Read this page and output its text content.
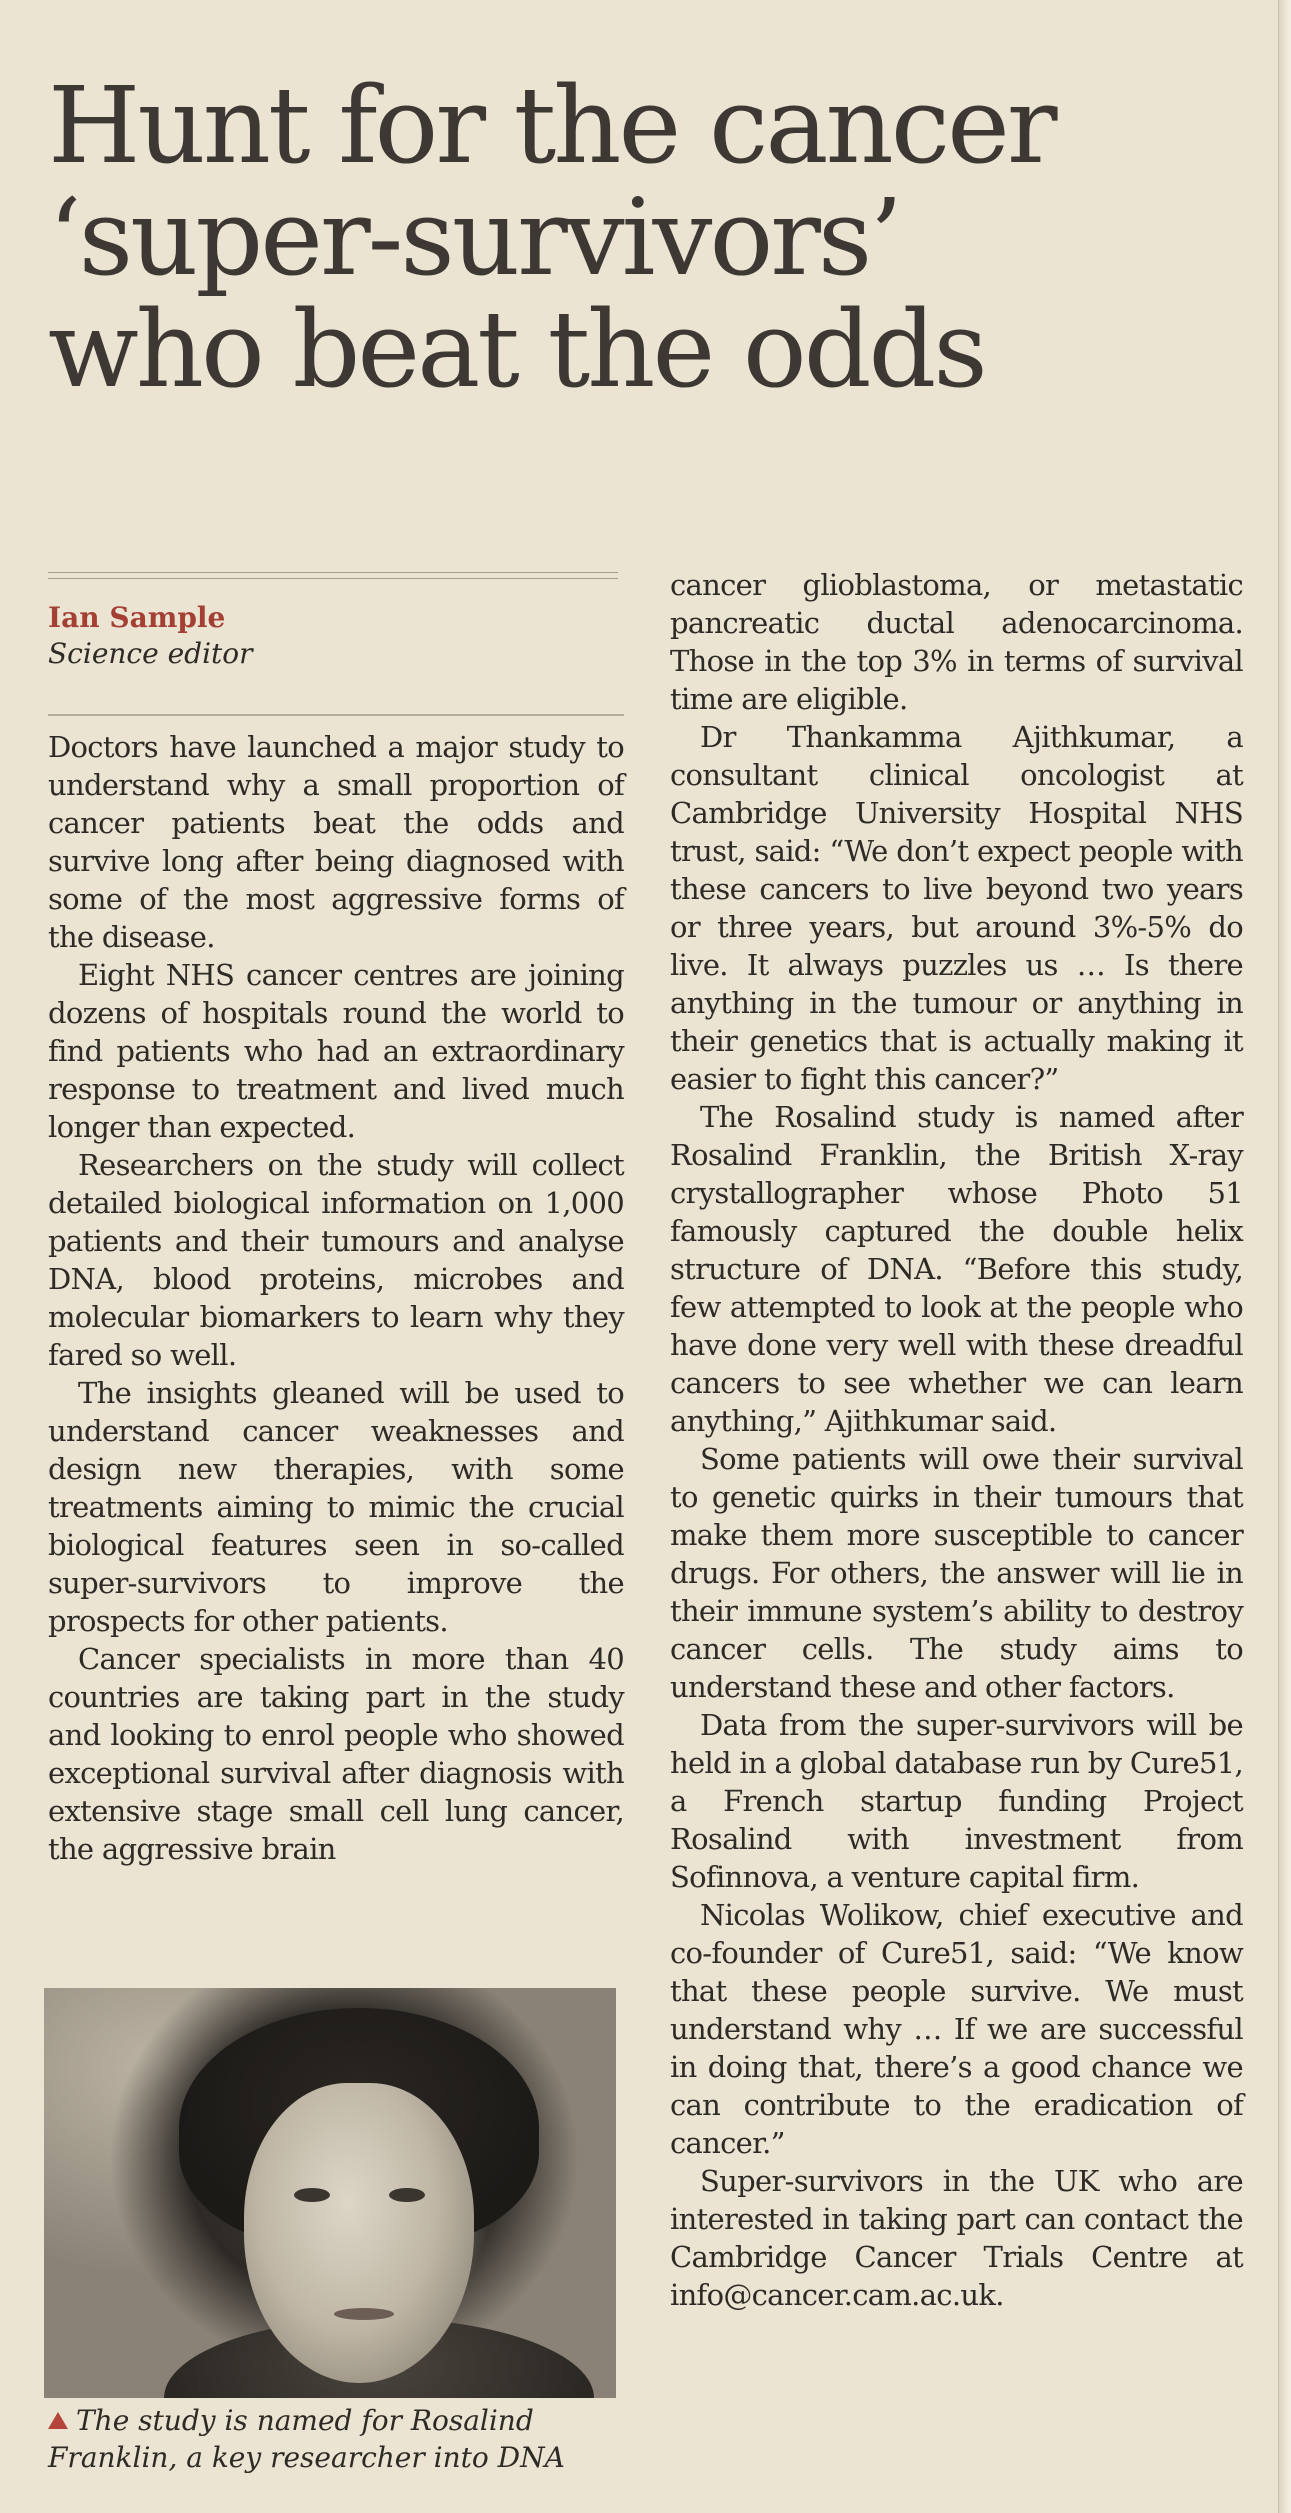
Hunt for the cancer
‘super-survivors’
who beat the odds
Ian Sample
Science editor

Doctors have launched a major study to understand why a small proportion of cancer patients beat the odds and survive long after being diagnosed with some of the most aggressive forms of the disease.

Eight NHS cancer centres are joining dozens of hospitals round the world to find patients who had an extraordinary response to treatment and lived much longer than expected.

Researchers on the study will collect detailed biological information on 1,000 patients and their tumours and analyse DNA, blood proteins, microbes and molecular biomarkers to learn why they fared so well.

The insights gleaned will be used to understand cancer weaknesses and design new therapies, with some treatments aiming to mimic the crucial biological features seen in so-called super-survivors to improve the prospects for other patients.

Cancer specialists in more than 40 countries are taking part in the study and looking to enrol people who showed exceptional survival after diagnosis with extensive stage small cell lung cancer, the aggressive brain

cancer glioblastoma, or metastatic pancreatic ductal adenocarcinoma. Those in the top 3% in terms of survival time are eligible.

Dr Thankamma Ajithkumar, a consultant clinical oncologist at Cambridge University Hospital NHS trust, said: “We don’t expect people with these cancers to live beyond two years or three years, but around 3%-5% do live. It always puzzles us … Is there anything in the tumour or anything in their genetics that is actually making it easier to fight this cancer?”

The Rosalind study is named after Rosalind Franklin, the British X-ray crystallographer whose Photo 51 famously captured the double helix structure of DNA. “Before this study, few attempted to look at the people who have done very well with these dreadful cancers to see whether we can learn anything,” Ajithkumar said.

Some patients will owe their survival to genetic quirks in their tumours that make them more susceptible to cancer drugs. For others, the answer will lie in their immune system’s ability to destroy cancer cells. The study aims to understand these and other factors.

Data from the super-survivors will be held in a global database run by Cure51, a French startup funding Project Rosalind with investment from Sofinnova, a venture capital firm.

Nicolas Wolikow, chief executive and co-founder of Cure51, said: “We know that these people survive. We must understand why … If we are successful in doing that, there’s a good chance we can contribute to the eradication of cancer.”

Super-survivors in the UK who are interested in taking part can contact the Cambridge Cancer Trials Centre at info@cancer.cam.ac.uk.

The study is named for Rosalind Franklin, a key researcher into DNA
